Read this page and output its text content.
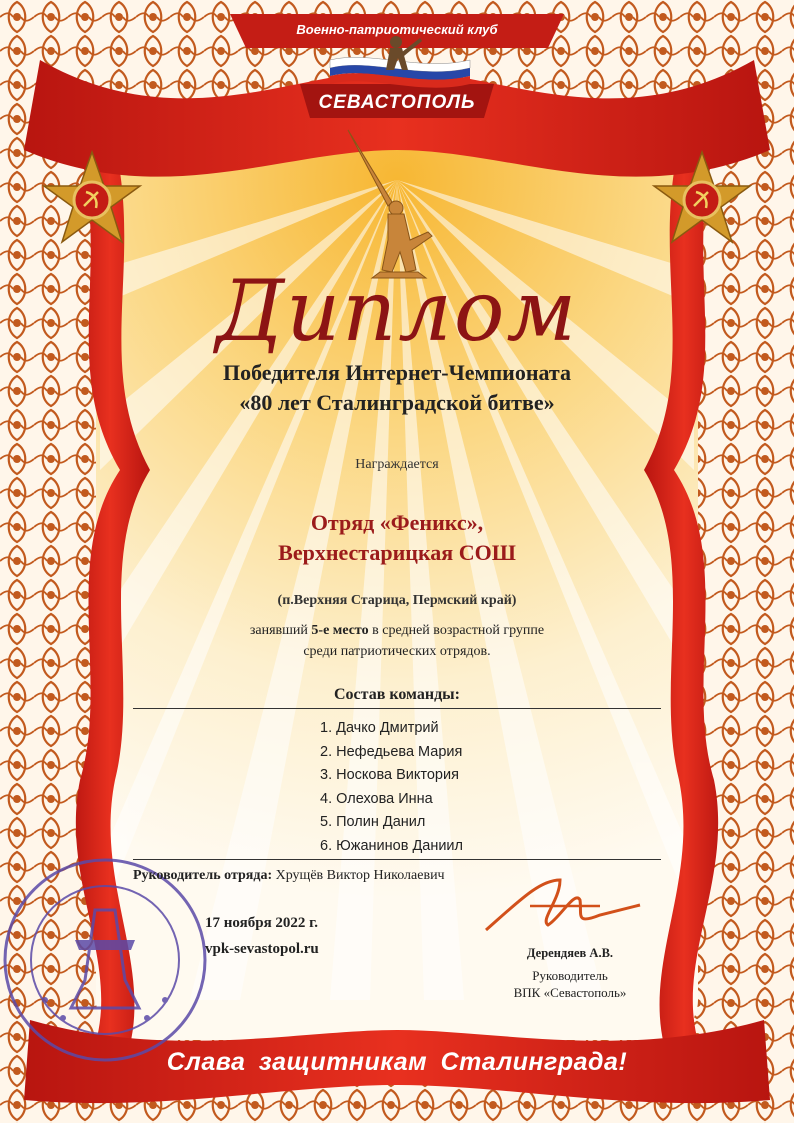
Военно-патриотический клуб
СЕВАСТОПОЛЬ
Диплом
Победителя Интернет-Чемпионата
«80 лет Сталинградской битве»
Награждается
Отряд «Феникс»,
Верхнестарицкая СОШ
(п.Верхняя Старица, Пермский край)
занявший 5-е место в средней возрастной группе
среди патриотических отрядов.
Состав команды:
1. Дачко Дмитрий
2. Нефедьева Мария
3. Носкова Виктория
4. Олехова Инна
5. Полин Данил
6. Южанинов Даниил
Руководитель отряда: Хрущёв Виктор Николаевич
17 ноября 2022 г.
vpk-sevastopol.ru	Дерендяев А.В.
Руководитель
ВПК «Севастополь»
Слава защитникам Сталинграда!
